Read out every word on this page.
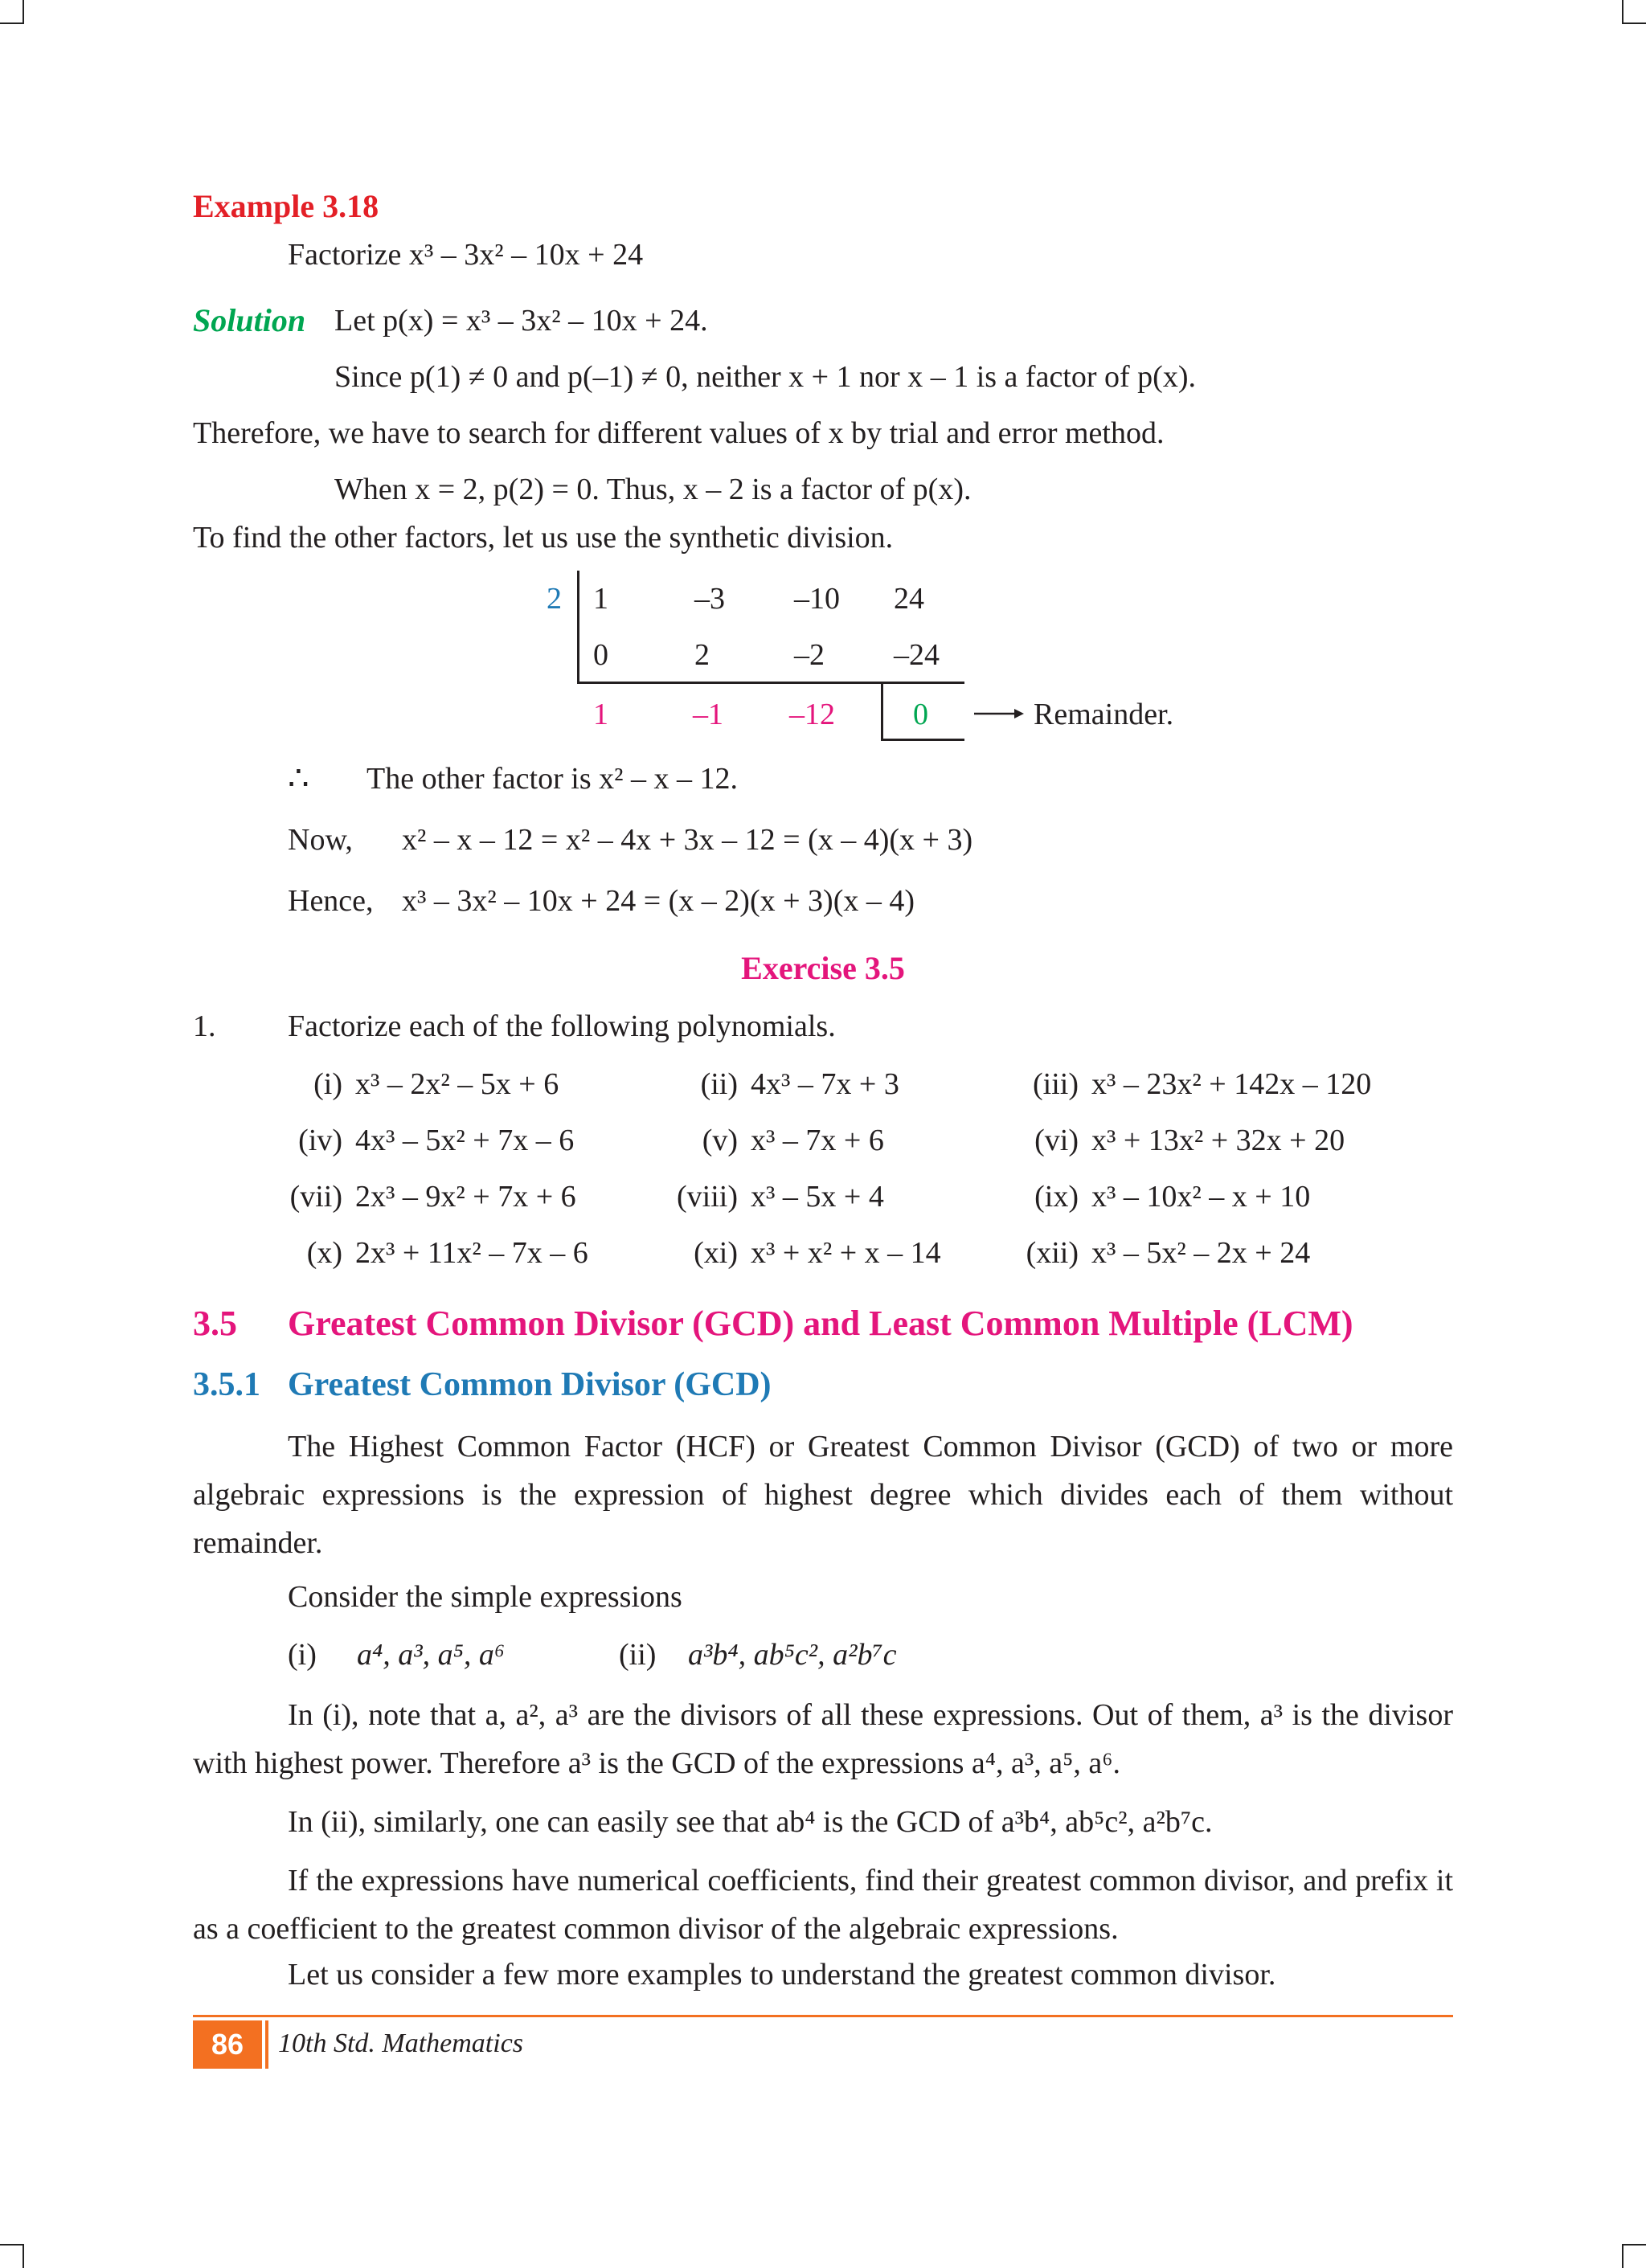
Example 3.18
Factorize x³ – 3x² – 10x + 24
Solution Let p(x) = x³ – 3x² – 10x + 24.
Since p(1) ≠ 0 and p(–1) ≠ 0, neither x + 1 nor x – 1 is a factor of p(x).
Therefore, we have to search for different values of x by trial and error method.
When x = 2, p(2) = 0. Thus, x – 2 is a factor of p(x).
To find the other factors, let us use the synthetic division.
2 1	–3 –10 24
0	2	–2 –24
1	–1 –12	0	Remainder.
∴ The other factor is x² – x – 12.
Now, x² – x – 12 = x² – 4x + 3x – 12 = (x – 4)(x + 3)
Hence, x³ – 3x² – 10x + 24 = (x – 2)(x + 3)(x – 4)
Exercise 3.5
1. Factorize each of the following polynomials.
(i) x³ – 2x² – 5x + 6	(ii) 4x³ – 7x + 3	(iii) x³ – 23x² + 142x – 120
(iv) 4x³ – 5x² + 7x – 6	(v) x³ – 7x + 6	(vi) x³ + 13x² + 32x + 20
(vii) 2x³ – 9x² + 7x + 6	(viii) x³ – 5x + 4	(ix) x³ – 10x² – x + 10
(x) 2x³ + 11x² – 7x – 6	(xi) x³ + x² + x – 14	(xii) x³ – 5x² – 2x + 24
3.5 Greatest Common Divisor (GCD) and Least Common Multiple (LCM)
3.5.1 Greatest Common Divisor (GCD)
The Highest Common Factor (HCF) or Greatest Common Divisor (GCD) of two or more algebraic expressions is the expression of highest degree which divides each of them without remainder.
Consider the simple expressions
(i) a⁴, a³, a⁵, a⁶	(ii) a³b⁴, ab⁵c², a²b⁷c
In (i), note that a, a², a³ are the divisors of all these expressions. Out of them, a³ is the divisor with highest power. Therefore a³ is the GCD of the expressions a⁴, a³, a⁵, a⁶.
In (ii), similarly, one can easily see that ab⁴ is the GCD of a³b⁴, ab⁵c², a²b⁷c.
If the expressions have numerical coefficients, find their greatest common divisor, and prefix it as a coefficient to the greatest common divisor of the algebraic expressions.
Let us consider a few more examples to understand the greatest common divisor.
86	10th Std. Mathematics
